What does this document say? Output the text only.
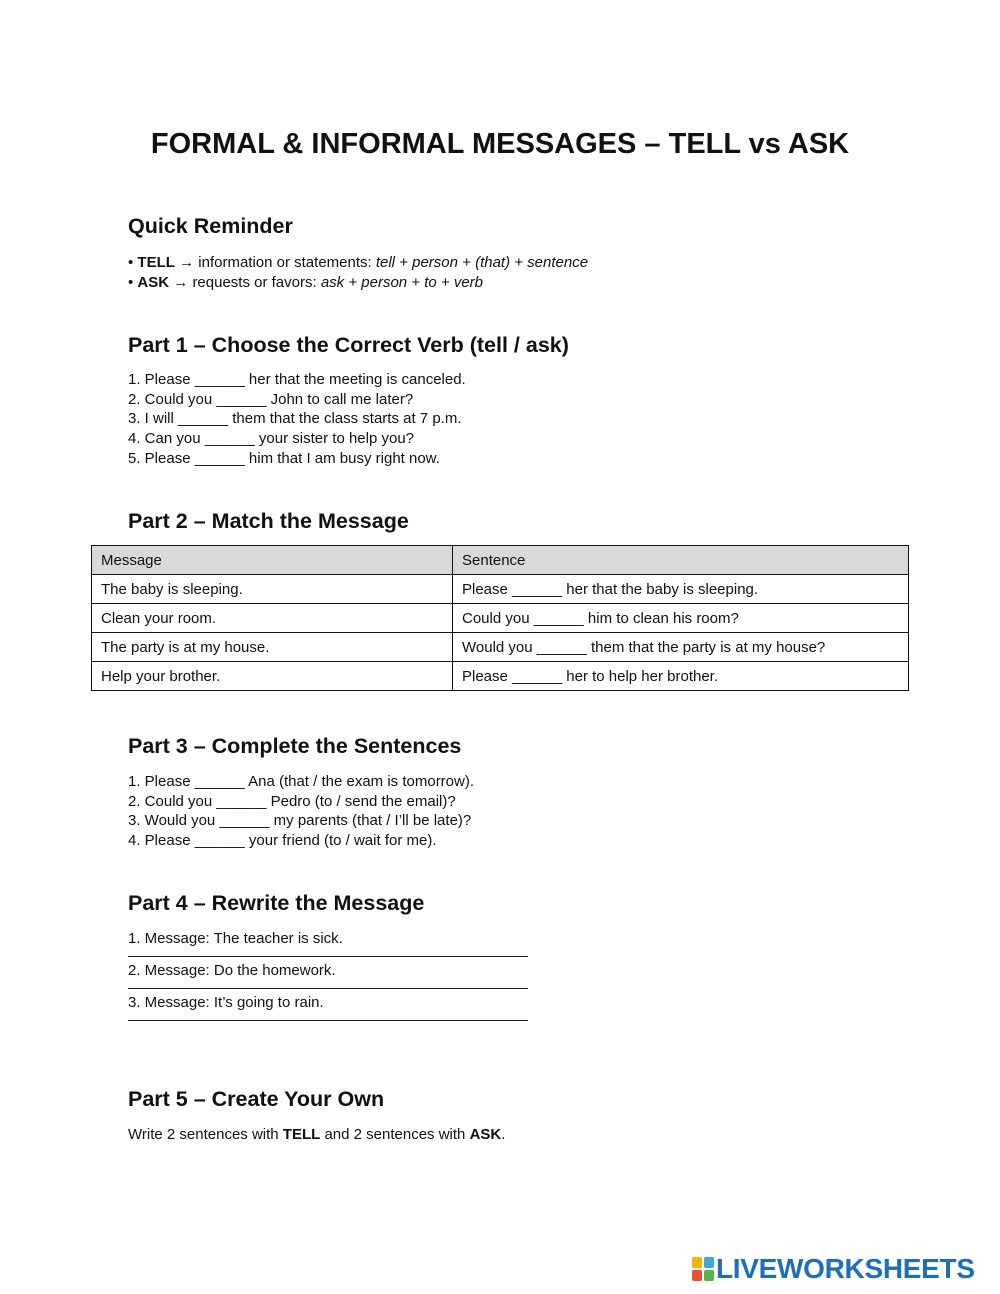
FORMAL & INFORMAL MESSAGES – TELL vs ASK
Quick Reminder

• TELL → information or statements: tell + person + (that) + sentence

• ASK → requests or favors: ask + person + to + verb

Part 1 – Choose the Correct Verb (tell / ask)
1. Please ______ her that the meeting is canceled.
2. Could you ______ John to call me later?
3. I will ______ them that the class starts at 7 p.m.
4. Can you ______ your sister to help you?
5. Please ______ him that I am busy right now.
Part 2 – Match the Message
Message	Sentence
The baby is sleeping.	Please ______ her that the baby is sleeping.
Clean your room.	Could you ______ him to clean his room?
The party is at my house.	Would you ______ them that the party is at my house?
Help your brother.	Please ______ her to help her brother.
Part 3 – Complete the Sentences
1. Please ______ Ana (that / the exam is tomorrow).
2. Could you ______ Pedro (to / send the email)?
3. Would you ______ my parents (that / I’ll be late)?
4. Please ______ your friend (to / wait for me).
Part 4 – Rewrite the Message
1. Message: The teacher is sick.
2. Message: Do the homework.
3. Message: It’s going to rain.
Part 5 – Create Your Own

Write 2 sentences with TELL and 2 sentences with ASK.

LIVEWORKSHEETS
